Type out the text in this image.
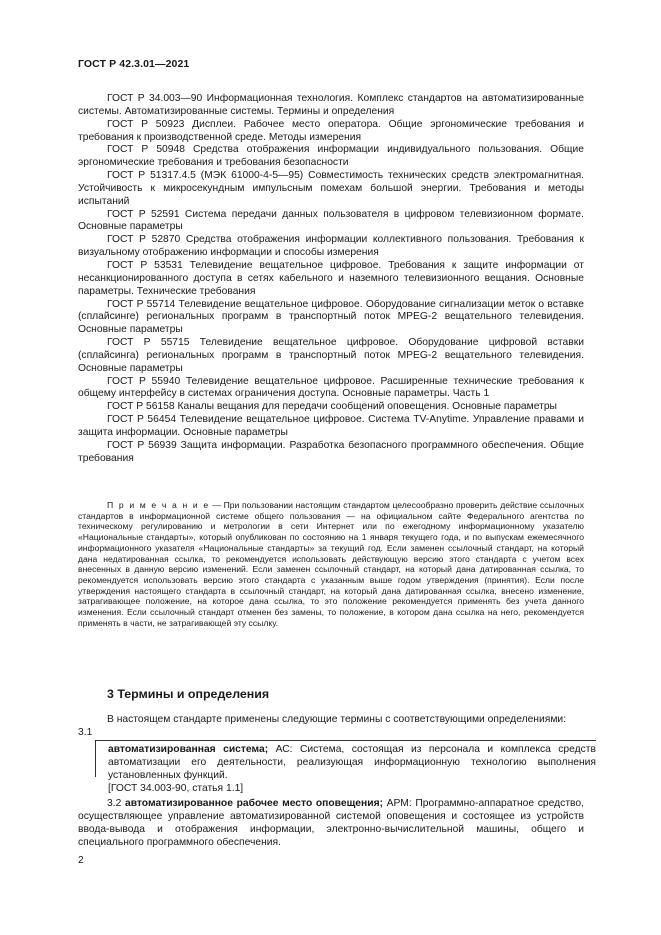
ГОСТ Р 42.3.01—2021

ГОСТ Р 34.003—90 Информационная технология. Комплекс стандартов на автоматизированные системы. Автоматизированные системы. Термины и определения

ГОСТ Р 50923 Дисплеи. Рабочее место оператора. Общие эргономические требования и требования к производственной среде. Методы измерения

ГОСТ Р 50948 Средства отображения информации индивидуального пользования. Общие эргономические требования и требования безопасности

ГОСТ Р 51317.4.5 (МЭК 61000-4-5—95) Совместимость технических средств электромагнитная. Устойчивость к микросекундным импульсным помехам большой энергии. Требования и методы испытаний

ГОСТ Р 52591 Система передачи данных пользователя в цифровом телевизионном формате. Основные параметры

ГОСТ Р 52870 Средства отображения информации коллективного пользования. Требования к визуальному отображению информации и способы измерения

ГОСТ Р 53531 Телевидение вещательное цифровое. Требования к защите информации от несанкционированного доступа в сетях кабельного и наземного телевизионного вещания. Основные параметры. Технические требования

ГОСТ Р 55714 Телевидение вещательное цифровое. Оборудование сигнализации меток о вставке (сплайсинге) региональных программ в транспортный поток MPEG-2 вещательного телевидения. Основные параметры

ГОСТ Р 55715 Телевидение вещательное цифровое. Оборудование цифровой вставки (сплайсинга) региональных программ в транспортный поток MPEG-2 вещательного телевидения. Основные параметры

ГОСТ Р 55940 Телевидение вещательное цифровое. Расширенные технические требования к общему интерфейсу в системах ограничения доступа. Основные параметры. Часть 1

ГОСТ Р 56158 Каналы вещания для передачи сообщений оповещения. Основные параметры

ГОСТ Р 56454 Телевидение вещательное цифровое. Система TV-Anytime. Управление правами и защита информации. Основные параметры

ГОСТ Р 56939 Защита информации. Разработка безопасного программного обеспечения. Общие требования

П р и м е ч а н и е — При пользовании настоящим стандартом целесообразно проверить действие ссылочных стандартов в информационной системе общего пользования — на официальном сайте Федерального агентства по техническому регулированию и метрологии в сети Интернет или по ежегодному информационному указателю «Национальные стандарты», который опубликован по состоянию на 1 января текущего года, и по выпускам ежемесячного информационного указателя «Национальные стандарты» за текущий год. Если заменен ссылочный стандарт, на который дана недатированная ссылка, то рекомендуется использовать действующую версию этого стандарта с учетом всех внесенных в данную версию изменений. Если заменен ссылочный стандарт, на который дана датированная ссылка, то рекомендуется использовать версию этого стандарта с указанным выше годом утверждения (принятия). Если после утверждения настоящего стандарта в ссылочный стандарт, на который дана датированная ссылка, внесено изменение, затрагивающее положение, на которое дана ссылка, то это положение рекомендуется применять без учета данного изменения. Если ссылочный стандарт отменен без замены, то положение, в котором дана ссылка на него, рекомендуется применять в части, не затрагивающей эту ссылку.

3 Термины и определения

В настоящем стандарте применены следующие термины с соответствующими определениями:

3.1
автоматизированная система; АС: Система, состоящая из персонала и комплекса средств автоматизации его деятельности, реализующая информационную технологию выполнения установленных функций.
[ГОСТ 34.003-90, статья 1.1]

3.2 автоматизированное рабочее место оповещения; АРМ: Программно-аппаратное средство, осуществляющее управление автоматизированной системой оповещения и состоящее из устройств ввода-вывода и отображения информации, электронно-вычислительной машины, общего и специального программного обеспечения.

2
